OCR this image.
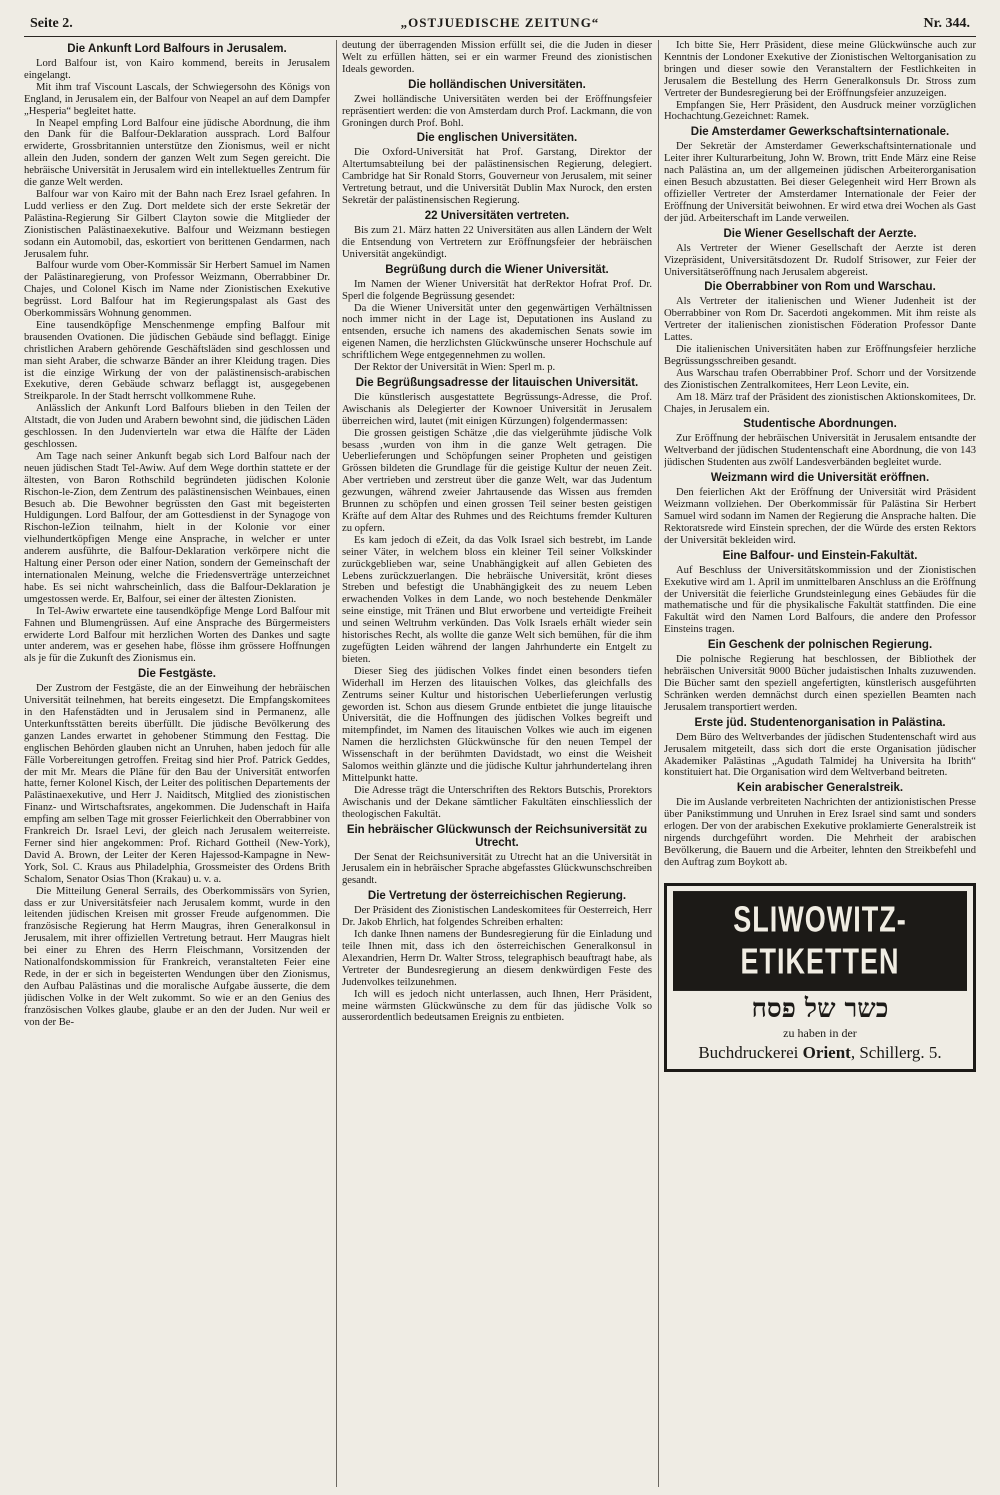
Seite 2.	„OSTJUEDISCHE ZEITUNG“	Nr. 344.
Die Ankunft Lord Balfours in Jerusalem.

Lord Balfour ist, von Kairo kommend, bereits in Jerusalem eingelangt.

Mit ihm traf Viscount Lascals, der Schwiegersohn des Königs von England, in Jerusalem ein, der Balfour von Neapel an auf dem Dampfer „Hesperia“ begleitet hatte.

In Neapel empfing Lord Balfour eine jüdische Abordnung, die ihm den Dank für die Balfour-Deklaration aussprach. Lord Balfour erwiderte, Grossbritannien unterstütze den Zionismus, weil er nicht allein den Juden, sondern der ganzen Welt zum Segen gereicht. Die hebräische Universität in Jerusalem wird ein intellektuelles Zentrum für die ganze Welt werden.

Balfour war von Kairo mit der Bahn nach Erez Israel gefahren. In Ludd verliess er den Zug. Dort meldete sich der erste Sekretär der Palästina-Regierung Sir Gilbert Clayton sowie die Mitglieder der Zionistischen Palästinaexekutive. Balfour und Weizmann bestiegen sodann ein Automobil, das, eskortiert von berittenen Gendarmen, nach Jerusalem fuhr.

Balfour wurde vom Ober-Kommissär Sir Herbert Samuel im Namen der Palästinaregierung, von Professor Weizmann, Oberrabbiner Dr. Chajes, und Colonel Kisch im Name nder Zionistischen Exekutive begrüsst. Lord Balfour hat im Regierungspalast als Gast des Oberkommissärs Wohnung genommen.

Eine tausendköpfige Menschenmenge empfing Balfour mit brausenden Ovationen. Die jüdischen Gebäude sind beflaggt. Einige christlichen Arabern gehörende Geschäftsläden sind geschlossen und man sieht Araber, die schwarze Bänder an ihrer Kleidung tragen. Dies ist die einzige Wirkung der von der palästinensisch-arabischen Exekutive, deren Gebäude schwarz beflaggt ist, ausgegebenen Streikparole. In der Stadt herrscht vollkommene Ruhe.

Anlässlich der Ankunft Lord Balfours blieben in den Teilen der Altstadt, die von Juden und Arabern bewohnt sind, die jüdischen Läden geschlossen. In den Judenvierteln war etwa die Hälfte der Läden geschlossen.

Am Tage nach seiner Ankunft begab sich Lord Balfour nach der neuen jüdischen Stadt Tel-Awiw. Auf dem Wege dorthin stattete er der ältesten, von Baron Rothschild begründeten jüdischen Kolonie Rischon-le-Zion, dem Zentrum des palästinensischen Weinbaues, einen Besuch ab. Die Bewohner begrüssten den Gast mit begeisterten Huldigungen. Lord Balfour, der am Gottesdienst in der Synagoge von Rischon-leZion teilnahm, hielt in der Kolonie vor einer vielhundertköpfigen Menge eine Ansprache, in welcher er unter anderem ausführte, die Balfour-Deklaration verkörpere nicht die Haltung einer Person oder einer Nation, sondern der Gemeinschaft der internationalen Meinung, welche die Friedensverträge unterzeichnet habe. Es sei nicht wahrscheinlich, dass die Balfour-Deklaration je umgestossen werde. Er, Balfour, sei einer der ältesten Zionisten.

In Tel-Awiw erwartete eine tausendköpfige Menge Lord Balfour mit Fahnen und Blumengrüssen. Auf eine Ansprache des Bürgermeisters erwiderte Lord Balfour mit herzlichen Worten des Dankes und sagte unter anderem, was er gesehen habe, flösse ihm grössere Hoffnungen als je für die Zukunft des Zionismus ein.

Die Festgäste.

Der Zustrom der Festgäste, die an der Einweihung der hebräischen Universität teilnehmen, hat bereits eingesetzt. Die Empfangskomitees in den Hafenstädten und in Jerusalem sind in Permanenz, alle Unterkunftsstätten bereits überfüllt. Die jüdische Bevölkerung des ganzen Landes erwartet in gehobener Stimmung den Festtag. Die englischen Behörden glauben nicht an Unruhen, haben jedoch für alle Fälle Vorbereitungen getroffen. Freitag sind hier Prof. Patrick Geddes, der mit Mr. Mears die Pläne für den Bau der Universität entworfen hatte, ferner Kolonel Kisch, der Leiter des politischen Departements der Palästinaexekutive, und Herr J. Naiditsch, Mitglied des zionistischen Finanz- und Wirtschaftsrates, angekommen. Die Judenschaft in Haifa empfing am selben Tage mit grosser Feierlichkeit den Oberrabbiner von Frankreich Dr. Israel Levi, der gleich nach Jerusalem weiterreiste. Ferner sind hier angekommen: Prof. Richard Gottheil (New-York), David A. Brown, der Leiter der Keren Hajessod-Kampagne in New-York, Sol. C. Kraus aus Philadelphia, Grossmeister des Ordens Brith Schalom, Senator Osias Thon (Krakau) u. v. a.

Die Mitteilung General Serrails, des Oberkommissärs von Syrien, dass er zur Universitätsfeier nach Jerusalem kommt, wurde in den leitenden jüdischen Kreisen mit grosser Freude aufgenommen. Die französische Regierung hat Herrn Maugras, ihren Generalkonsul in Jerusalem, mit ihrer offiziellen Vertretung betraut. Herr Maugras hielt bei einer zu Ehren des Herrn Fleischmann, Vorsitzenden der Nationalfondskommission für Frankreich, veranstalteten Feier eine Rede, in der er sich in begeisterten Wendungen über den Zionismus, den Aufbau Palästinas und die moralische Aufgabe äusserte, die dem jüdischen Volke in der Welt zukommt. So wie er an den Genius des französischen Volkes glaube, glaube er an den der Juden. Nur weil er von der Be-

deutung der überragenden Mission erfüllt sei, die die Juden in dieser Welt zu erfüllen hätten, sei er ein warmer Freund des zionistischen Ideals geworden.

Die holländischen Universitäten.

Zwei holländische Universitäten werden bei der Eröffnungsfeier repräsentiert werden: die von Amsterdam durch Prof. Lackmann, die von Groningen durch Prof. Bohl.

Die englischen Universitäten.

Die Oxford-Universität hat Prof. Garstang, Direktor der Altertumsabteilung bei der palästinensischen Regierung, delegiert. Cambridge hat Sir Ronald Storrs, Gouverneur von Jerusalem, mit seiner Vertretung betraut, und die Universität Dublin Max Nurock, den ersten Sekretär der palästinensischen Regierung.

22 Universitäten vertreten.

Bis zum 21. März hatten 22 Universitäten aus allen Ländern der Welt die Entsendung von Vertretern zur Eröffnungsfeier der hebräischen Universität angekündigt.

Begrüßung durch die Wiener Universität.

Im Namen der Wiener Universität hat derRektor Hofrat Prof. Dr. Sperl die folgende Begrüssung gesendet:

Da die Wiener Universität unter den gegenwärtigen Verhältnissen noch immer nicht in der Lage ist, Deputationen ins Ausland zu entsenden, ersuche ich namens des akademischen Senats sowie im eigenen Namen, die herzlichsten Glückwünsche unserer Hochschule auf schriftlichem Wege entgegennehmen zu wollen.

Der Rektor der Universität in Wien: Sperl m. p.

Die Begrüßungsadresse der litauischen Universität.

Die künstlerisch ausgestattete Begrüssungs-Adresse, die Prof. Awischanis als Delegierter der Kownoer Universität in Jerusalem überreichen wird, lautet (mit einigen Kürzungen) folgendermassen:

Die grossen geistigen Schätze ‚die das vielgerühmte jüdische Volk besass ‚wurden von ihm in die ganze Welt getragen. Die Ueberlieferungen und Schöpfungen seiner Propheten und geistigen Grössen bildeten die Grundlage für die geistige Kultur der neuen Zeit. Aber vertrieben und zerstreut über die ganze Welt, war das Judentum gezwungen, während zweier Jahrtausende das Wissen aus fremden Brunnen zu schöpfen und einen grossen Teil seiner besten geistigen Kräfte auf dem Altar des Ruhmes und des Reichtums fremder Kulturen zu opfern.

Es kam jedoch di eZeit, da das Volk Israel sich bestrebt, im Lande seiner Väter, in welchem bloss ein kleiner Teil seiner Volkskinder zurückgeblieben war, seine Unabhängigkeit auf allen Gebieten des Lebens zurückzuerlangen. Die hebräische Universität, krönt dieses Streben und befestigt die Unabhängigkeit des zu neuem Leben erwachenden Volkes in dem Lande, wo noch bestehende Denkmäler seine einstige, mit Tränen und Blut erworbene und verteidigte Freiheit und seinen Weltruhm verkünden. Das Volk Israels erhält wieder sein historisches Recht, als wollte die ganze Welt sich bemühen, für die ihm zugefügten Leiden während der langen Jahrhunderte ein Entgelt zu bieten.

Dieser Sieg des jüdischen Volkes findet einen besonders tiefen Widerhall im Herzen des litauischen Volkes, das gleichfalls des Zentrums seiner Kultur und historischen Ueberlieferungen verlustig geworden ist. Schon aus diesem Grunde entbietet die junge litauische Universität, die die Hoffnungen des jüdischen Volkes begreift und mitempfindet, im Namen des litauischen Volkes wie auch im eigenen Namen die herzlichsten Glückwünsche für den neuen Tempel der Wissenschaft in der berühmten Davidstadt, wo einst die Weisheit Salomos weithin glänzte und die jüdische Kultur jahrhundertelang ihren Mittelpunkt hatte.

Die Adresse trägt die Unterschriften des Rektors Butschis, Prorektors Awischanis und der Dekane sämtlicher Fakultäten einschliesslich der theologischen Fakultät.

Ein hebräischer Glückwunsch der Reichsuniversität zu Utrecht.

Der Senat der Reichsuniversität zu Utrecht hat an die Universität in Jerusalem ein in hebräischer Sprache abgefasstes Glückwunschschreiben gesandt.

Die Vertretung der österreichischen Regierung.

Der Präsident des Zionistischen Landeskomitees für Oesterreich, Herr Dr. Jakob Ehrlich, hat folgendes Schreiben erhalten:

Ich danke Ihnen namens der Bundesregierung für die Einladung und teile Ihnen mit, dass ich den österreichischen Generalkonsul in Alexandrien, Herrn Dr. Walter Stross, telegraphisch beauftragt habe, als Vertreter der Bundesregierung an diesem denkwürdigen Feste des Judenvolkes teilzunehmen.

Ich will es jedoch nicht unterlassen, auch Ihnen, Herr Präsident, meine wärmsten Glückwünsche zu dem für das jüdische Volk so ausserordentlich bedeutsamen Ereignis zu entbieten.

Ich bitte Sie, Herr Präsident, diese meine Glückwünsche auch zur Kenntnis der Londoner Exekutive der Zionistischen Weltorganisation zu bringen und dieser sowie den Veranstaltern der Festlichkeiten in Jerusalem die Bestellung des Herrn Generalkonsuls Dr. Stross zum Vertreter der Bundesregierung bei der Eröffnungsfeier anzuzeigen.

Empfangen Sie, Herr Präsident, den Ausdruck meiner vorzüglichen Hochachtung.Gezeichnet: Ramek.

Die Amsterdamer Gewerkschaftsinternationale.

Der Sekretär der Amsterdamer Gewerkschaftsinternationale und Leiter ihrer Kulturarbeitung, John W. Brown, tritt Ende März eine Reise nach Palästina an, um der allgemeinen jüdischen Arbeiterorganisation einen Besuch abzustatten. Bei dieser Gelegenheit wird Herr Brown als offizieller Vertreter der Amsterdamer Internationale der Feier der Eröffnung der Universität beiwohnen. Er wird etwa drei Wochen als Gast der jüd. Arbeiterschaft im Lande verweilen.

Die Wiener Gesellschaft der Aerzte.

Als Vertreter der Wiener Gesellschaft der Aerzte ist deren Vizepräsident, Universitätsdozent Dr. Rudolf Strisower, zur Feier der Universitätseröffnung nach Jerusalem abgereist.

Die Oberrabbiner von Rom und Warschau.

Als Vertreter der italienischen und Wiener Judenheit ist der Oberrabbiner von Rom Dr. Sacerdoti angekommen. Mit ihm reiste als Vertreter der italienischen zionistischen Föderation Professor Dante Lattes.

Die italienischen Universitäten haben zur Eröffnungsfeier herzliche Begrüssungsschreiben gesandt.

Aus Warschau trafen Oberrabbiner Prof. Schorr und der Vorsitzende des Zionistischen Zentralkomitees, Herr Leon Levite, ein.

Am 18. März traf der Präsident des zionistischen Aktionskomitees, Dr. Chajes, in Jerusalem ein.

Studentische Abordnungen.

Zur Eröffnung der hebräischen Universität in Jerusalem entsandte der Weltverband der jüdischen Studentenschaft eine Abordnung, die von 143 jüdischen Studenten aus zwölf Landesverbänden begleitet wurde.

Weizmann wird die Universität eröffnen.

Den feierlichen Akt der Eröffnung der Universität wird Präsident Weizmann vollziehen. Der Oberkommissär für Palästina Sir Herbert Samuel wird sodann im Namen der Regierung die Ansprache halten. Die Rektoratsrede wird Einstein sprechen, der die Würde des ersten Rektors der Universität bekleiden wird.

Eine Balfour- und Einstein-Fakultät.

Auf Beschluss der Universitätskommission und der Zionistischen Exekutive wird am 1. April im unmittelbaren Anschluss an die Eröffnung der Universität die feierliche Grundsteinlegung eines Gebäudes für die mathematische und für die physikalische Fakultät stattfinden. Die eine Fakultät wird den Namen Lord Balfours, die andere den Professor Einsteins tragen.

Ein Geschenk der polnischen Regierung.

Die polnische Regierung hat beschlossen, der Bibliothek der hebräischen Universität 9000 Bücher judaistischen Inhalts zuzuwenden. Die Bücher samt den speziell angefertigten, künstlerisch ausgeführten Schränken werden demnächst durch einen speziellen Beamten nach Jerusalem transportiert werden.

Erste jüd. Studentenorganisation in Palästina.

Dem Büro des Weltverbandes der jüdischen Studentenschaft wird aus Jerusalem mitgeteilt, dass sich dort die erste Organisation jüdischer Akademiker Palästinas „Agudath Talmidej ha Universita ha Ibrith“ konstituiert hat. Die Organisation wird dem Weltverband beitreten.

Kein arabischer Generalstreik.

Die im Auslande verbreiteten Nachrichten der antizionistischen Presse über Panikstimmung und Unruhen in Erez Israel sind samt und sonders erlogen. Der von der arabischen Exekutive proklamierte Generalstreik ist nirgends durchgeführt worden. Die Mehrheit der arabischen Bevölkerung, die Bauern und die Arbeiter, lehnten den Streikbefehl und den Auftrag zum Boykott ab.

SLIWOWITZ-ETIKETTEN
כשר של פסח
zu haben in der
Buchdruckerei Orient, Schillerg. 5.
